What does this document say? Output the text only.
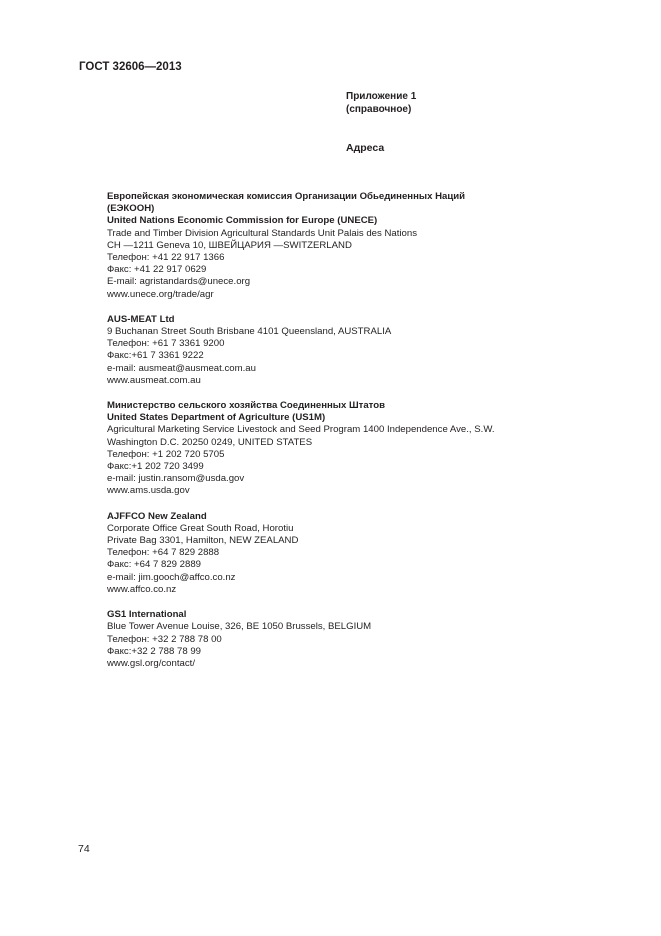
ГОСТ 32606—2013
Приложение 1
(справочное)
Адреса
Европейская экономическая комиссия Организации Обьединенных Наций
(ЕЭКООН)
United Nations Economic Commission for Europe (UNECE)
Trade and Timber Division Agricultural Standards Unit Palais des Nations
CH —1211 Geneva 10, ШВЕЙЦАРИЯ —SWITZERLAND
Телефон: +41 22 917 1366
Факс: +41 22 917 0629
E-mail: agristandards@unece.org
www.unece.org/trade/agr
AUS-MEAT Ltd
9 Buchanan Street South Brisbane 4101 Queensland, AUSTRALIA
Телефон: +61 7 3361 9200
Факс:+61 7 3361 9222
e-mail: ausmeat@ausmeat.com.au
www.ausmeat.com.au
Министерство сельского хозяйства Соединенных Штатов
United States Department of Agriculture (US1M)
Agricultural Marketing Service Livestock and Seed Program 1400 Independence Ave., S.W.
Washington D.C. 20250 0249, UNITED STATES
Телефон: +1 202 720 5705
Факс:+1 202 720 3499
e-mail: justin.ransom@usda.gov
www.ams.usda.gov
AJFFCO New Zealand
Corporate Office Great South Road, Horotiu
Private Bag 3301, Hamilton, NEW ZEALAND
Телефон: +64 7 829 2888
Факс: +64 7 829 2889
e-mail: jim.gooch@affco.co.nz
www.affco.co.nz
GS1 International
Blue Tower Avenue Louise, 326, BE 1050 Brussels, BELGIUM
Телефон: +32 2 788 78 00
Факс:+32 2 788 78 99
www.gsl.org/contact/
74
